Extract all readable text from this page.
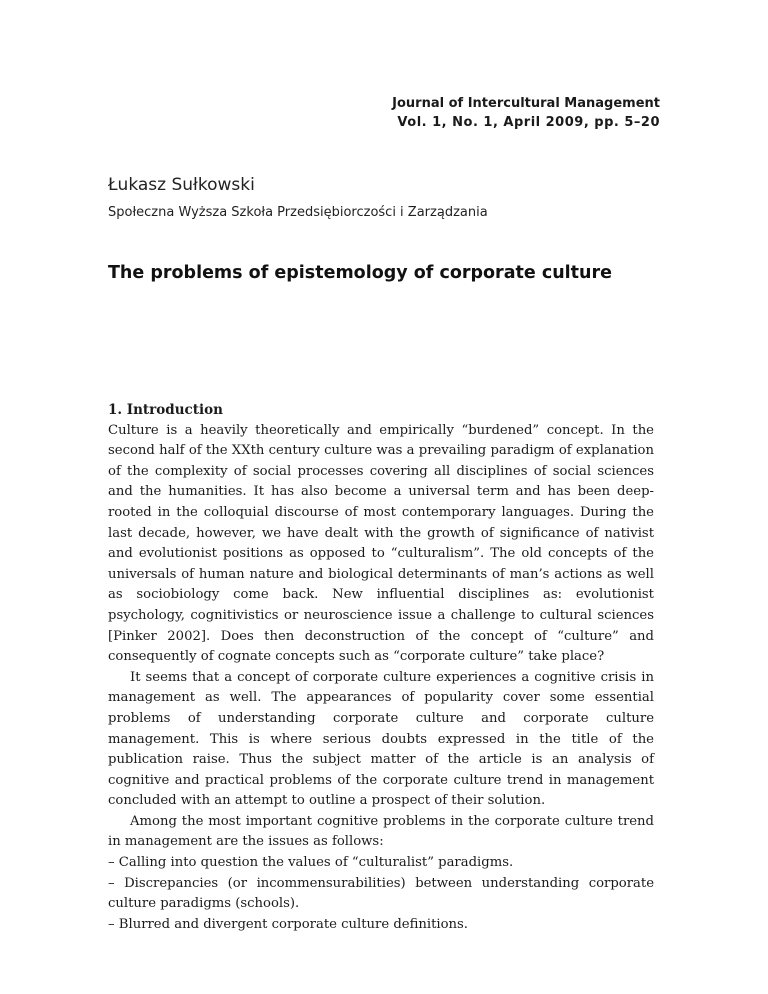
Journal of Intercultural Management
Vol. 1, No. 1, April 2009, pp. 5–20
Łukasz Sułkowski
Społeczna Wyższa Szkoła Przedsiębiorczości i Zarządzania
The problems of epistemology of corporate culture
1. Introduction

Culture is a heavily theoretically and empirically “burdened” concept. In the second half of the XXth century culture was a prevailing paradigm of explanation of the complexity of social processes covering all disciplines of social sciences and the humanities. It has also become a universal term and has been deep-rooted in the colloquial discourse of most contemporary languages. During the last decade, however, we have dealt with the growth of significance of nativist and evolutionist positions as opposed to “culturalism”. The old concepts of the universals of human nature and biological determinants of man’s actions as well as sociobiology come back. New influential disciplines as: evolutionist psychology, cognitivistics or neuroscience issue a challenge to cultural sciences [Pinker 2002]. Does then deconstruction of the concept of “culture” and consequently of cognate concepts such as “corporate culture” take place?

It seems that a concept of corporate culture experiences a cognitive crisis in management as well. The appearances of popularity cover some essential problems of understanding corporate culture and corporate culture management. This is where serious doubts expressed in the title of the publication raise. Thus the subject matter of the article is an analysis of cognitive and practical problems of the corporate culture trend in management concluded with an attempt to outline a prospect of their solution.

Among the most important cognitive problems in the corporate culture trend in management are the issues as follows:

– Calling into question the values of “culturalist” paradigms.
– Discrepancies (or incommensurabilities) between understanding corporate culture paradigms (schools).
– Blurred and divergent corporate culture definitions.
